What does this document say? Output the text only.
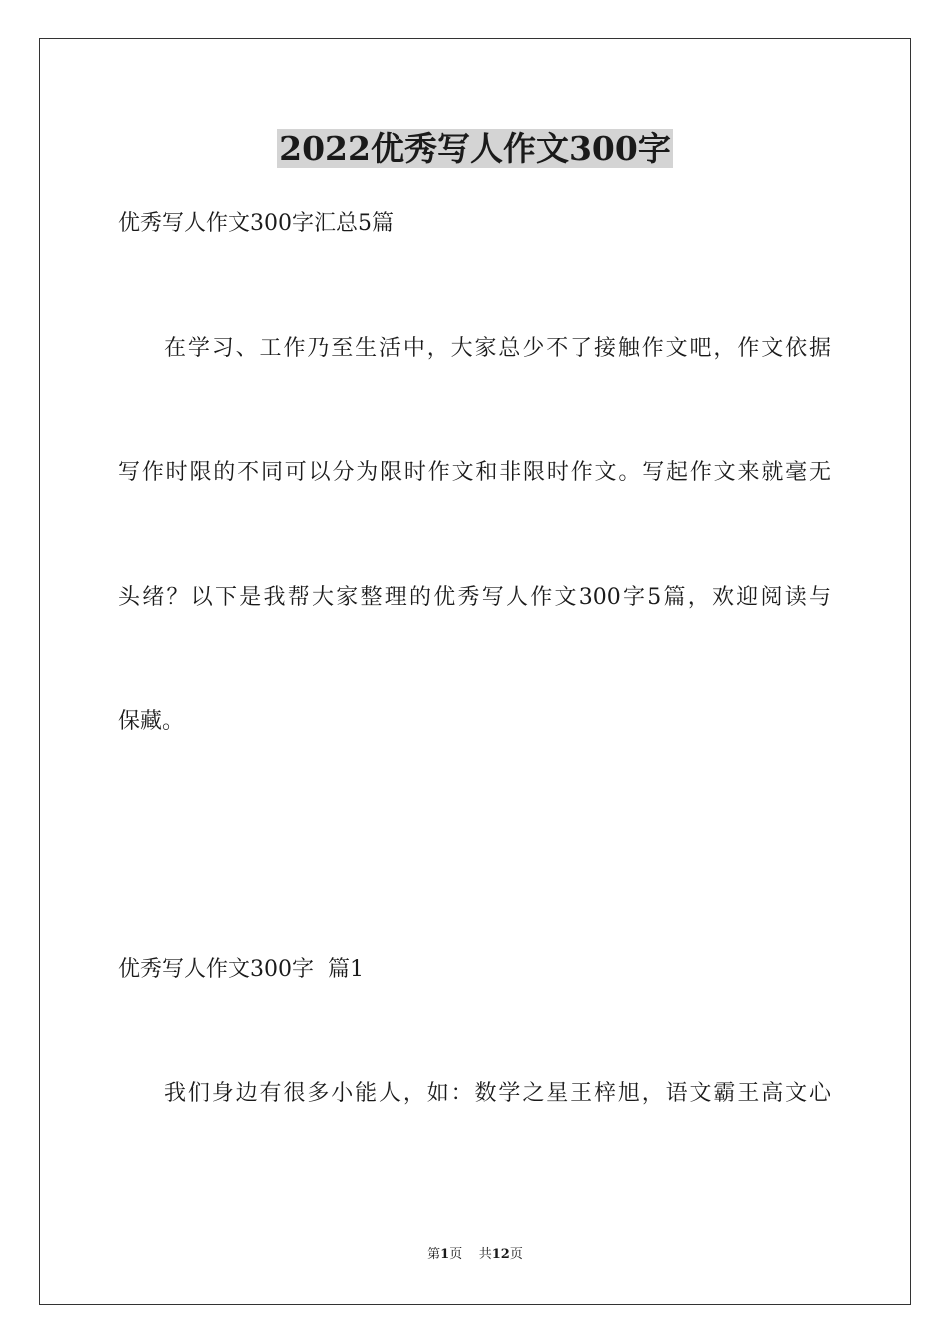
2022优秀写人作文300字
优秀写人作文300字汇总5篇
在学习、工作乃至生活中，大家总少不了接触作文吧，作文依据
写作时限的不同可以分为限时作文和非限时作文。写起作文来就毫无
头绪？以下是我帮大家整理的优秀写人作文300字5篇，欢迎阅读与
保藏。
优秀写人作文300字  篇1
我们身边有很多小能人，如：数学之星王梓旭，语文霸王高文心
第1页    共12页
